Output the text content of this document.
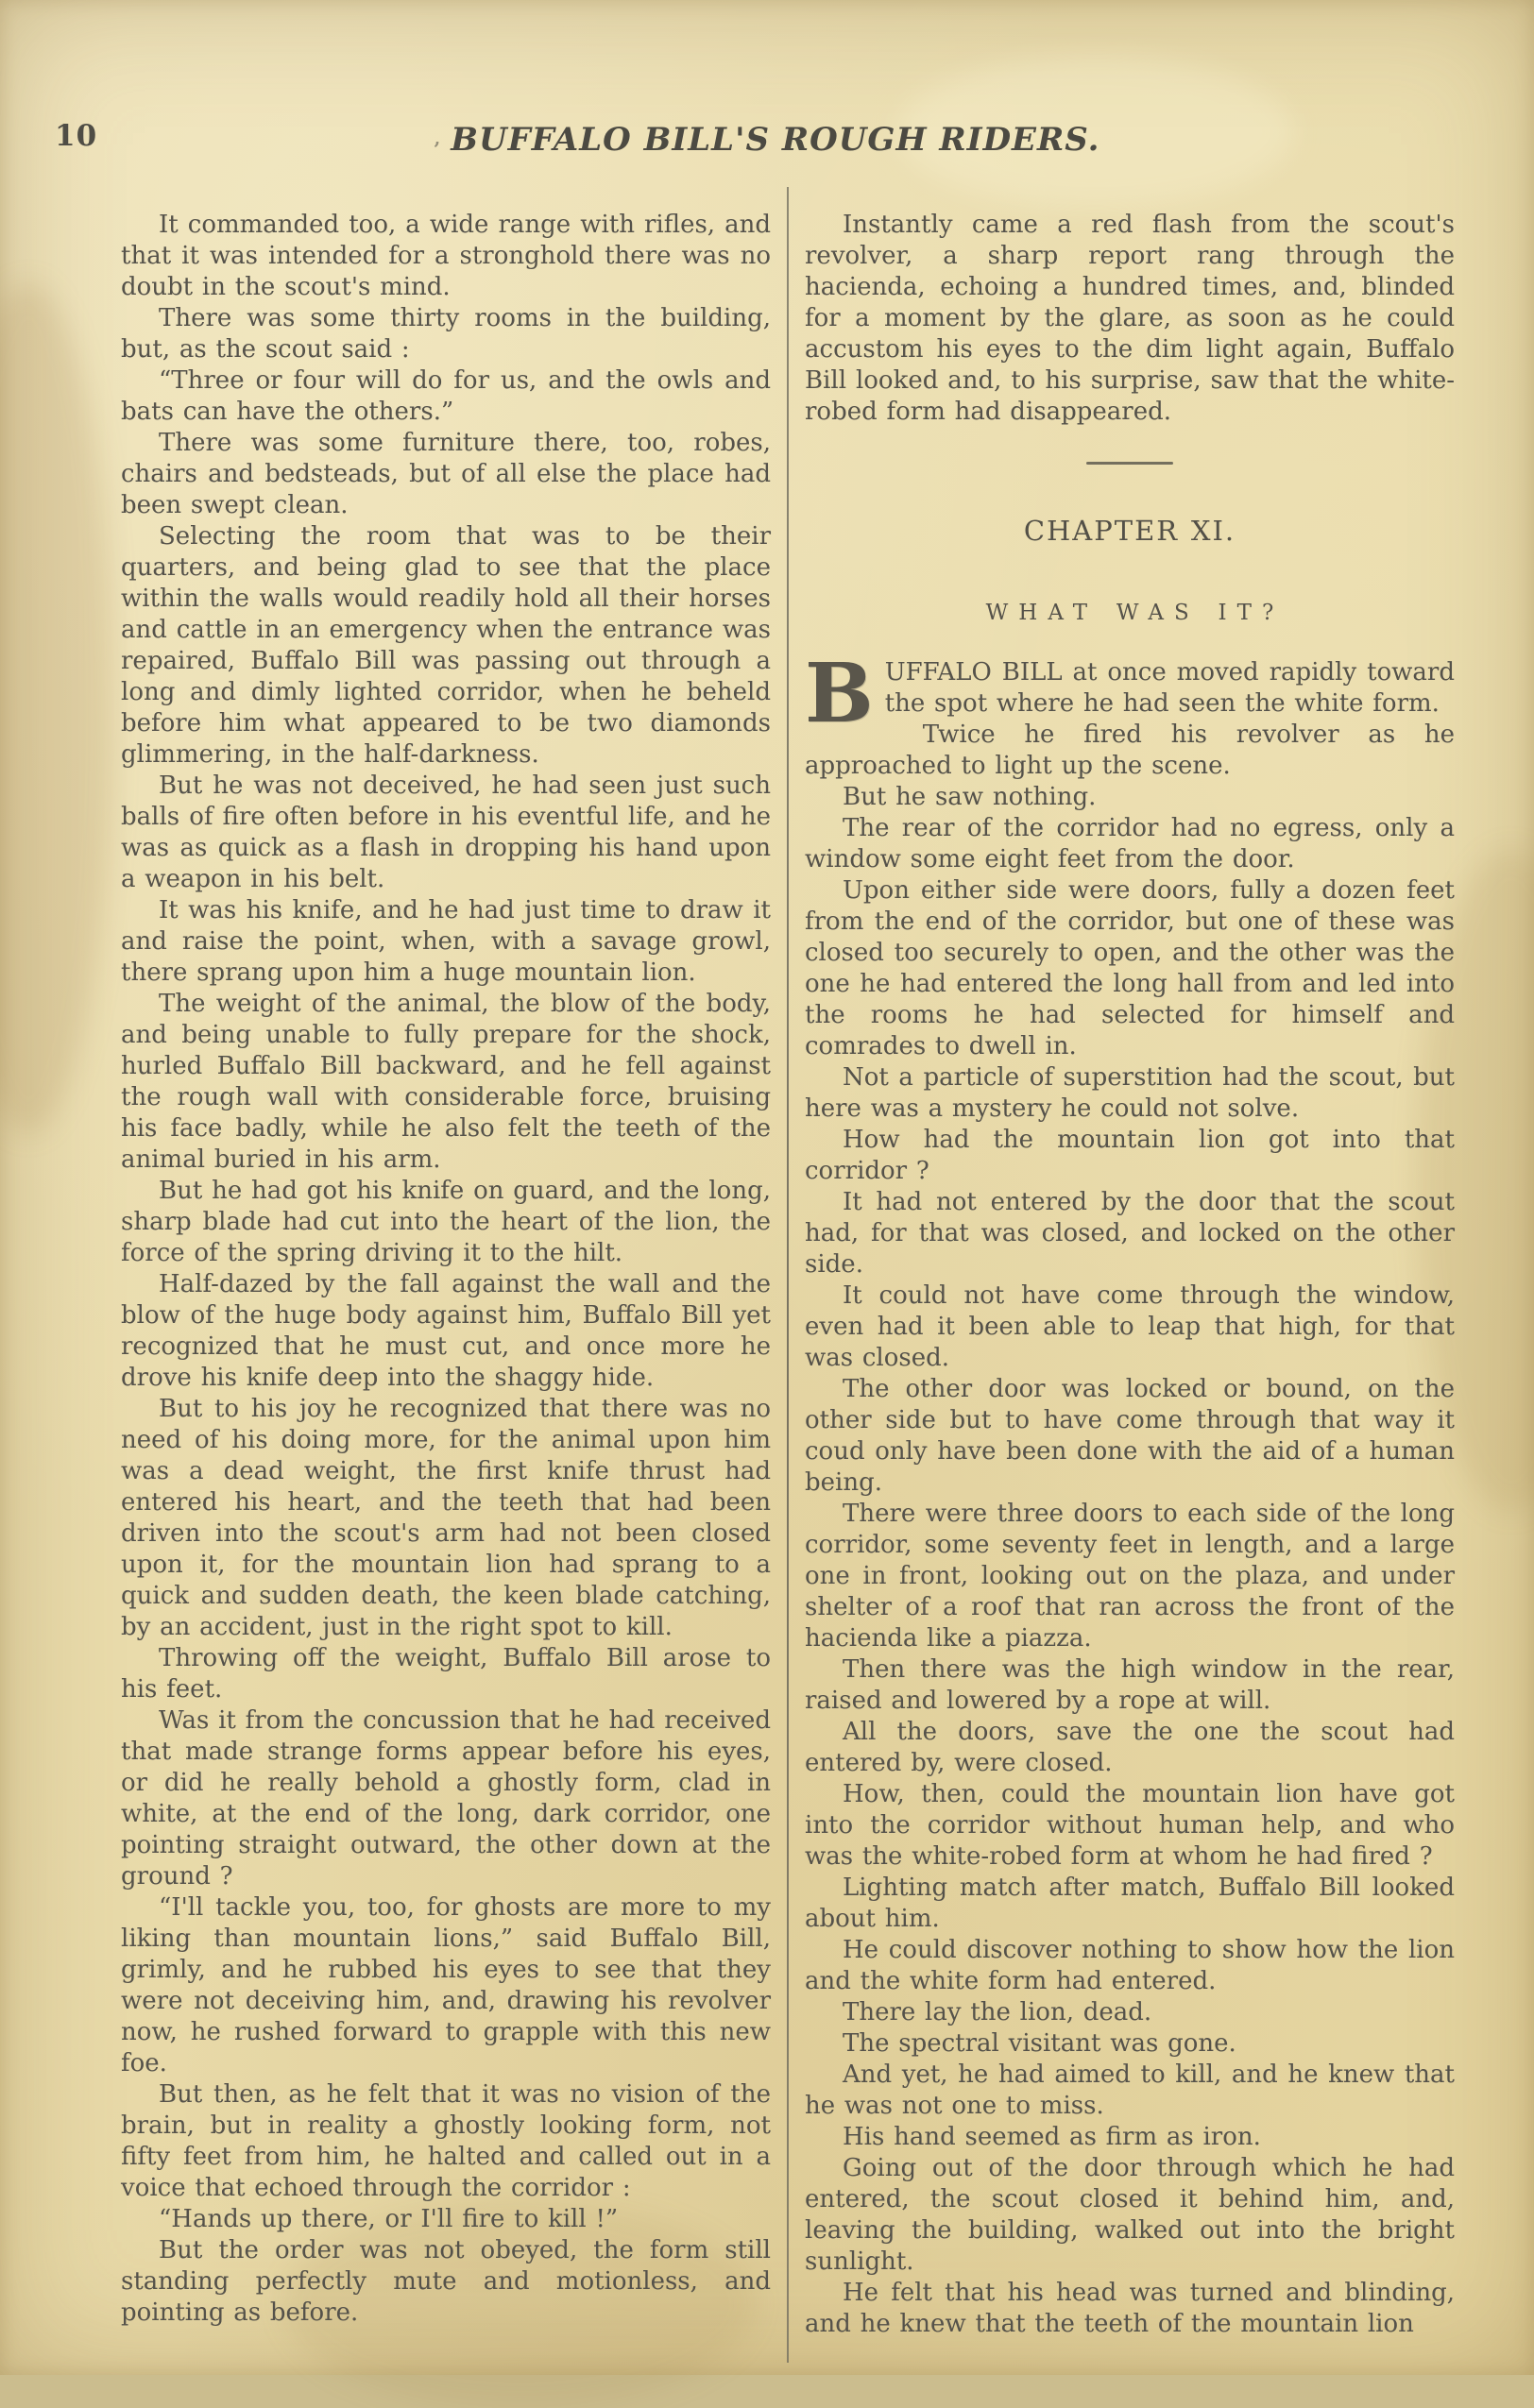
10	, BUFFALO BILL'S ROUGH RIDERS.

It commanded too, a wide range with rifles, and that it was intended for a stronghold there was no doubt in the scout's mind.

There was some thirty rooms in the building, but, as the scout said :

“Three or four will do for us, and the owls and bats can have the others.”

There was some furniture there, too, robes, chairs and bedsteads, but of all else the place had been swept clean.

Selecting the room that was to be their quarters, and being glad to see that the place within the walls would readily hold all their horses and cattle in an emergency when the entrance was repaired, Buffalo Bill was passing out through a long and dimly lighted corridor, when he beheld before him what appeared to be two diamonds glimmering, in the half-darkness.

But he was not deceived, he had seen just such balls of fire often before in his eventful life, and he was as quick as a flash in dropping his hand upon a weapon in his belt.

It was his knife, and he had just time to draw it and raise the point, when, with a savage growl, there sprang upon him a huge mountain lion.

The weight of the animal, the blow of the body, and being unable to fully prepare for the shock, hurled Buffalo Bill backward, and he fell against the rough wall with considerable force, bruising his face badly, while he also felt the teeth of the animal buried in his arm.

But he had got his knife on guard, and the long, sharp blade had cut into the heart of the lion, the force of the spring driving it to the hilt.

Half-dazed by the fall against the wall and the blow of the huge body against him, Buffalo Bill yet recognized that he must cut, and once more he drove his knife deep into the shaggy hide.

But to his joy he recognized that there was no need of his doing more, for the animal upon him was a dead weight, the first knife thrust had entered his heart, and the teeth that had been driven into the scout's arm had not been closed upon it, for the mountain lion had sprang to a quick and sudden death, the keen blade catching, by an accident, just in the right spot to kill.

Throwing off the weight, Buffalo Bill arose to his feet.

Was it from the concussion that he had received that made strange forms appear before his eyes, or did he really behold a ghostly form, clad in white, at the end of the long, dark corridor, one pointing straight outward, the other down at the ground ?

“I'll tackle you, too, for ghosts are more to my liking than mountain lions,” said Buffalo Bill, grimly, and he rubbed his eyes to see that they were not deceiving him, and, drawing his revolver now, he rushed forward to grapple with this new foe.

But then, as he felt that it was no vision of the brain, but in reality a ghostly looking form, not fifty feet from him, he halted and called out in a voice that echoed through the corridor :

“Hands up there, or I'll fire to kill !”

But the order was not obeyed, the form still standing perfectly mute and motionless, and pointing as before.

Instantly came a red flash from the scout's revolver, a sharp report rang through the hacienda, echoing a hundred times, and, blinded for a moment by the glare, as soon as he could accustom his eyes to the dim light again, Buffalo Bill looked and, to his surprise, saw that the white-robed form had disappeared.

CHAPTER XI.
WHAT WAS IT?

BUFFALO BILL at once moved rapidly toward the spot where he had seen the white form.

Twice he fired his revolver as he approached to light up the scene.

But he saw nothing.

The rear of the corridor had no egress, only a window some eight feet from the door.

Upon either side were doors, fully a dozen feet from the end of the corridor, but one of these was closed too securely to open, and the other was the one he had entered the long hall from and led into the rooms he had selected for himself and comrades to dwell in.

Not a particle of superstition had the scout, but here was a mystery he could not solve.

How had the mountain lion got into that corridor ?

It had not entered by the door that the scout had, for that was closed, and locked on the other side.

It could not have come through the window, even had it been able to leap that high, for that was closed.

The other door was locked or bound, on the other side but to have come through that way it coud only have been done with the aid of a human being.

There were three doors to each side of the long corridor, some seventy feet in length, and a large one in front, looking out on the plaza, and under shelter of a roof that ran across the front of the hacienda like a piazza.

Then there was the high window in the rear, raised and lowered by a rope at will.

All the doors, save the one the scout had entered by, were closed.

How, then, could the mountain lion have got into the corridor without human help, and who was the white-robed form at whom he had fired ?

Lighting match after match, Buffalo Bill looked about him.

He could discover nothing to show how the lion and the white form had entered.

There lay the lion, dead.

The spectral visitant was gone.

And yet, he had aimed to kill, and he knew that he was not one to miss.

His hand seemed as firm as iron.

Going out of the door through which he had entered, the scout closed it behind him, and, leaving the building, walked out into the bright sunlight.

He felt that his head was turned and blinding, and he knew that the teeth of the mountain lion
